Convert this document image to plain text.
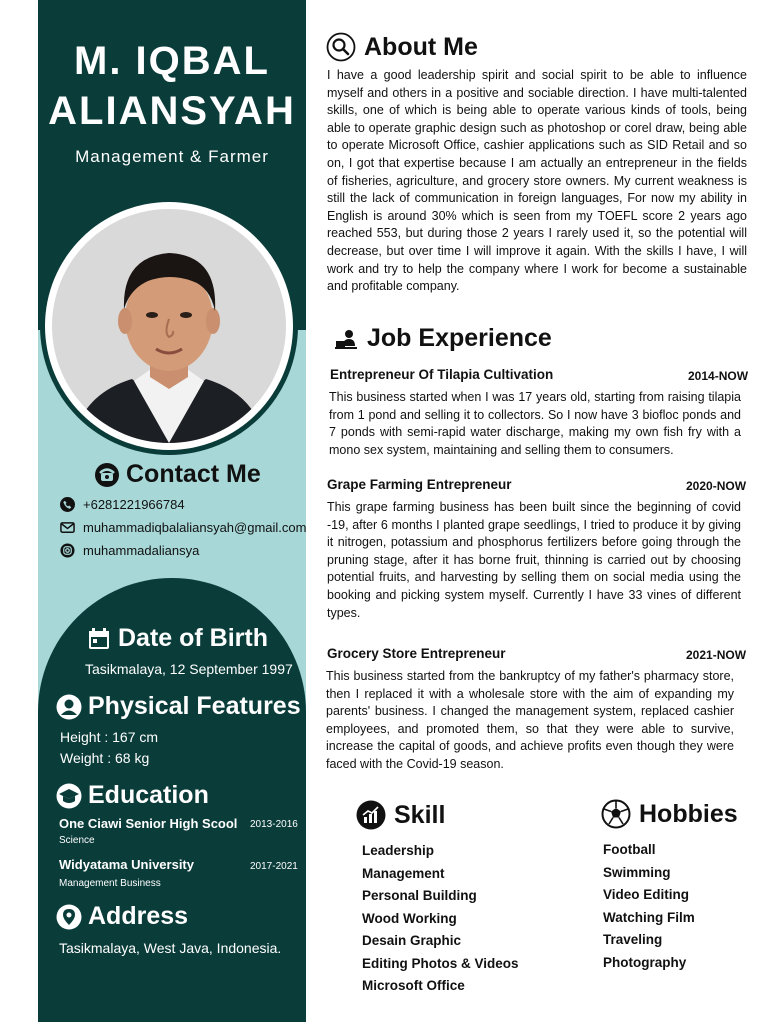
M. IQBAL
ALIANSYAH
Management & Farmer
Contact Me
+6281221966784
muhammadiqbalaliansyah@gmail.com
muhammadaliansya
Date of Birth
Tasikmalaya, 12 September 1997
Physical Features
Height : 167 cm
Weight : 68 kg
Education
One Ciawi Senior High Scool 2013-2016
Science
Widyatama University	2017-2021
Management Business
Address
Tasikmalaya, West Java, Indonesia.
About Me

I have a good leadership spirit and social spirit to be able to influence myself and others in a positive and sociable direction. I have multi-talented skills, one of which is being able to operate various kinds of tools, being able to operate graphic design such as photoshop or corel draw, being able to operate Microsoft Office, cashier applications such as SID Retail and so on, I got that expertise because I am actually an entrepreneur in the fields of fisheries, agriculture, and grocery store owners. My current weakness is still the lack of communication in foreign languages, For now my ability in English is around 30% which is seen from my TOEFL score 2 years ago reached 553, but during those 2 years I rarely used it, so the potential will decrease, but over time I will improve it again. With the skills I have, I will work and try to help the company where I work for become a sustainable and profitable company.

Job Experience
Entrepreneur Of Tilapia Cultivation	2014-NOW

This business started when I was 17 years old, starting from raising tilapia from 1 pond and selling it to collectors. So I now have 3 biofloc ponds and 7 ponds with semi-rapid water discharge, making my own fish fry with a mono sex system, maintaining and selling them to consumers.

Grape Farming Entrepreneur	2020-NOW

This grape farming business has been built since the beginning of covid -19, after 6 months I planted grape seedlings, I tried to produce it by giving it nitrogen, potassium and phosphorus fertilizers before going through the pruning stage, after it has borne fruit, thinning is carried out by choosing potential fruits, and harvesting by selling them on social media using the booking and picking system myself. Currently I have 33 vines of different types.

Grocery Store Entrepreneur	2021-NOW

This business started from the bankruptcy of my father's pharmacy store, then I replaced it with a wholesale store with the aim of expanding my parents' business. I changed the management system, replaced cashier employees, and promoted them, so that they were able to survive, increase the capital of goods, and achieve profits even though they were faced with the Covid-19 season.

Skill
Leadership
Management
Personal Building
Wood Working
Desain Graphic
Editing Photos & Videos
Microsoft Office
Hobbies
Football
Swimming
Video Editing
Watching Film
Traveling
Photography
